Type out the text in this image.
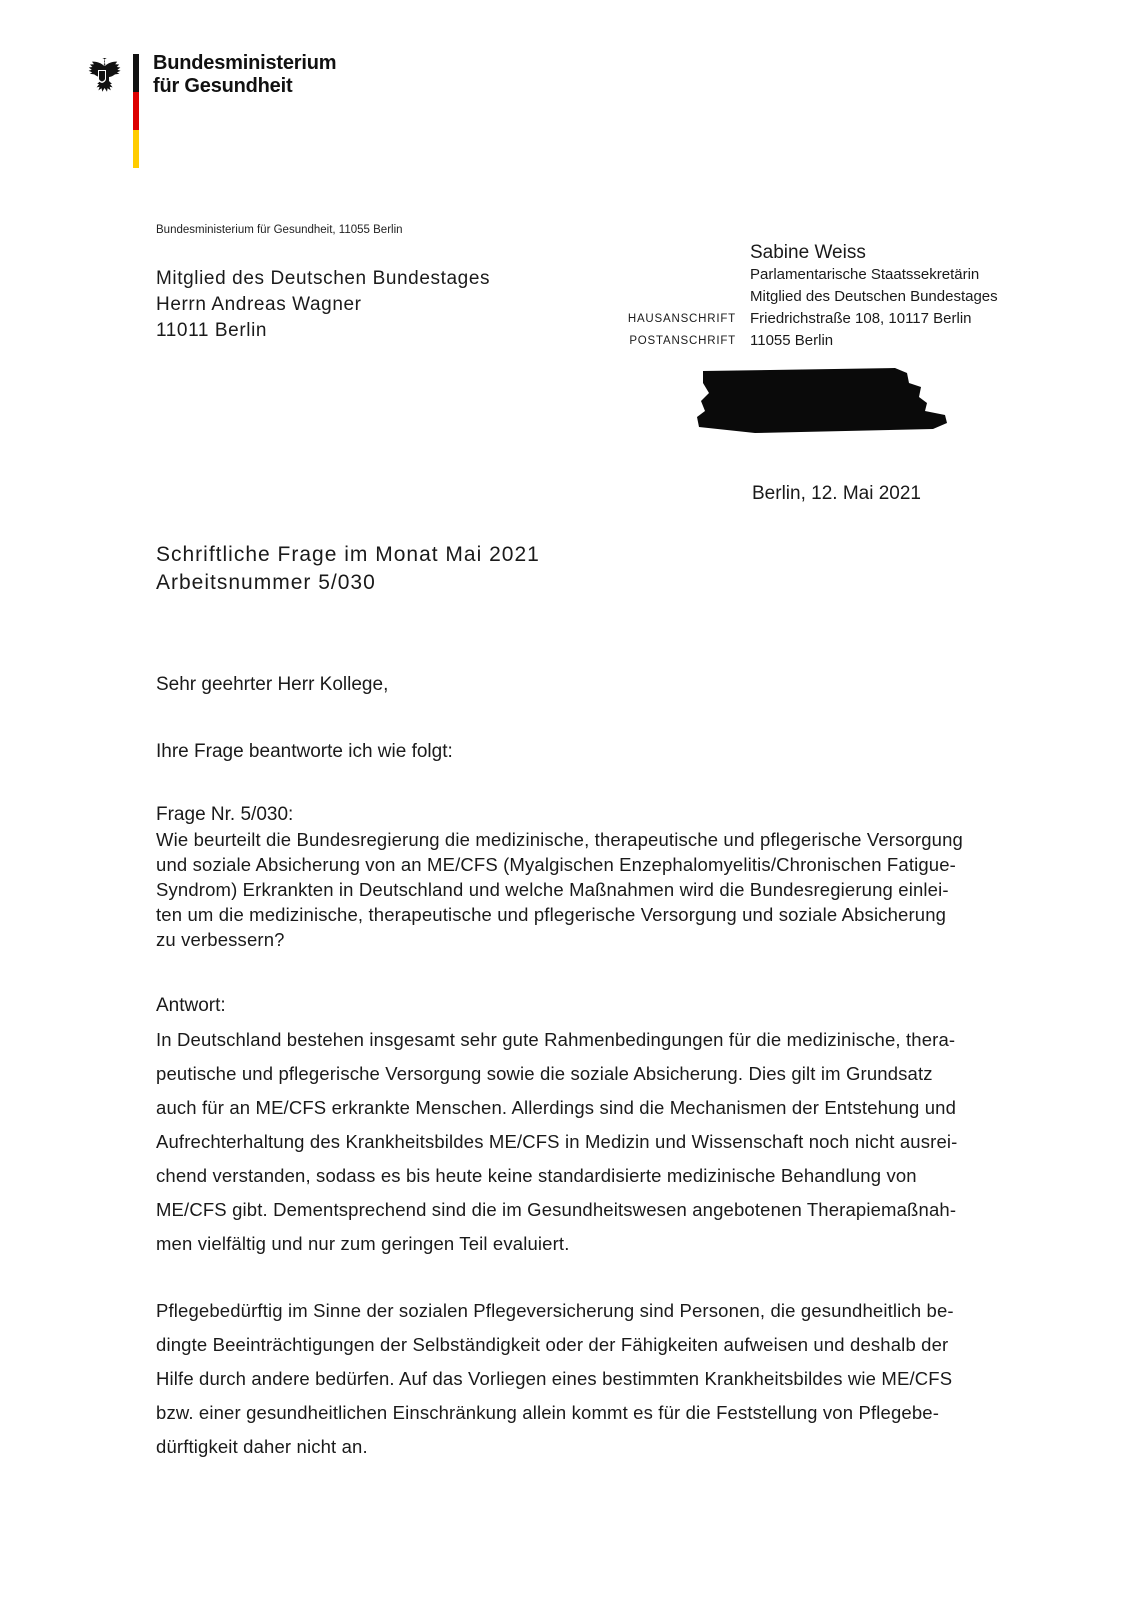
Bundesministerium
für Gesundheit
Bundesministerium für Gesundheit, 11055 Berlin
Mitglied des Deutschen Bundestages
Herrn Andreas Wagner
11011 Berlin
Sabine Weiss
Parlamentarische Staatssekretärin
Mitglied des Deutschen Bundestages
HAUSANSCHRIFT Friedrichstraße 108, 10117 Berlin
POSTANSCHRIFT 11055 Berlin
Berlin, 12. Mai 2021
Schriftliche Frage im Monat Mai 2021
Arbeitsnummer 5/030
Sehr geehrter Herr Kollege,
Ihre Frage beantworte ich wie folgt:
Frage Nr. 5/030:
Wie beurteilt die Bundesregierung die medizinische, therapeutische und pflegerische Versorgung
und soziale Absicherung von an ME/CFS (Myalgischen Enzephalomyelitis/Chronischen Fatigue-
Syndrom) Erkrankten in Deutschland und welche Maßnahmen wird die Bundesregierung einlei-
ten um die medizinische, therapeutische und pflegerische Versorgung und soziale Absicherung
zu verbessern?
Antwort:
In Deutschland bestehen insgesamt sehr gute Rahmenbedingungen für die medizinische, thera-
peutische und pflegerische Versorgung sowie die soziale Absicherung. Dies gilt im Grundsatz
auch für an ME/CFS erkrankte Menschen. Allerdings sind die Mechanismen der Entstehung und
Aufrechterhaltung des Krankheitsbildes ME/CFS in Medizin und Wissenschaft noch nicht ausrei-
chend verstanden, sodass es bis heute keine standardisierte medizinische Behandlung von
ME/CFS gibt. Dementsprechend sind die im Gesundheitswesen angebotenen Therapiemaßnah-
men vielfältig und nur zum geringen Teil evaluiert.
Pflegebedürftig im Sinne der sozialen Pflegeversicherung sind Personen, die gesundheitlich be-
dingte Beeinträchtigungen der Selbständigkeit oder der Fähigkeiten aufweisen und deshalb der
Hilfe durch andere bedürfen. Auf das Vorliegen eines bestimmten Krankheitsbildes wie ME/CFS
bzw. einer gesundheitlichen Einschränkung allein kommt es für die Feststellung von Pflegebe-
dürftigkeit daher nicht an.
